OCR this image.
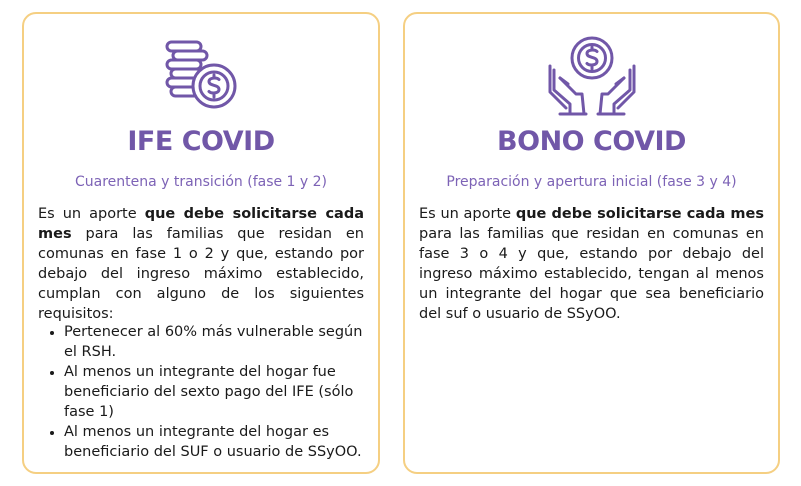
IFE COVID
Cuarentena y transición (fase 1 y 2)
Es un aporte que debe solicitarse cada mes para las familias que residan en comunas en fase 1 o 2 y que, estando por debajo del ingreso máximo establecido, cumplan con alguno de los siguientes requisitos:
• Pertenecer al 60% más vulnerable según el RSH.
• Al menos un integrante del hogar fue beneficiario del sexto pago del IFE (sólo fase 1)
• Al menos un integrante del hogar es beneficiario del SUF o usuario de SSyOO.
BONO COVID
Preparación y apertura inicial (fase 3 y 4)
Es un aporte que debe solicitarse cada mes para las familias que residan en comunas en fase 3 o 4 y que, estando por debajo del ingreso máximo establecido, tengan al menos un integrante del hogar que sea beneficiario del suf o usuario de SSyOO.
